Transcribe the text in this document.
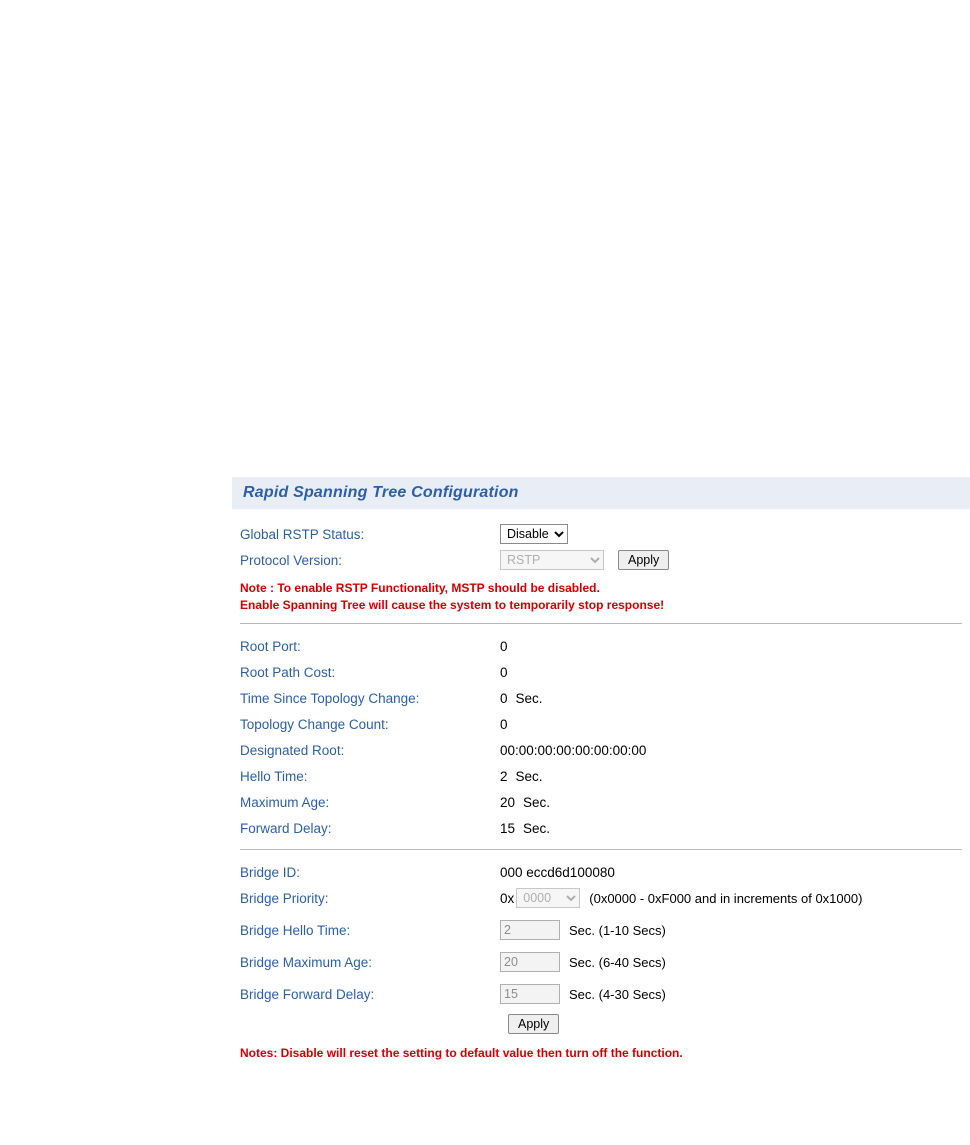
Rapid Spanning Tree Configuration
Global RSTP Status:
Disable
Protocol Version:
RSTP	Apply
Note : To enable RSTP Functionality, MSTP should be disabled.
Enable Spanning Tree will cause the system to temporarily stop response!
Root Port:	0
Root Path Cost:	0
Time Since Topology Change:	0 Sec.
Topology Change Count:	0
Designated Root:	00:00:00:00:00:00:00:00
Hello Time:	2 Sec.
Maximum Age:	20 Sec.
Forward Delay:	15 Sec.
Bridge ID:	000 eccd6d100080
Bridge Priority:	0x
0000	(0x0000 - 0xF000 and in increments of 0x1000)
Bridge Hello Time:
2	Sec. (1-10 Secs)
Bridge Maximum Age:
20	Sec. (6-40 Secs)
Bridge Forward Delay:
15	Sec. (4-30 Secs)
Apply
Notes: Disable will reset the setting to default value then turn off the function.
